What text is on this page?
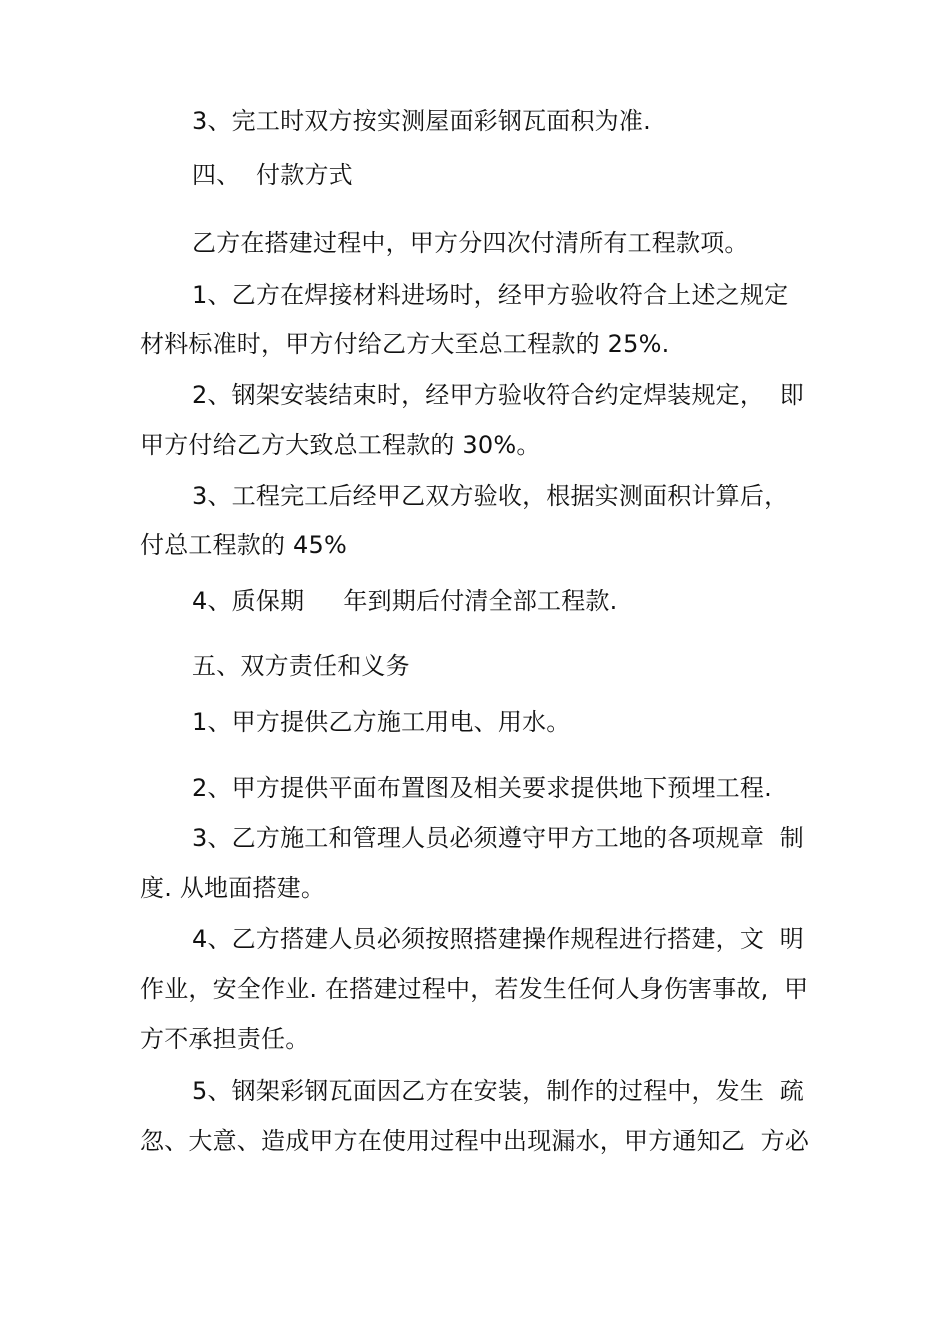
3、完工时双方按实测屋面彩钢瓦面积为准.
四、  付款方式
乙方在搭建过程中，甲方分四次付清所有工程款项。
1、乙方在焊接材料进场时，经甲方验收符合上述之规定
材料标准时，甲方付给乙方大至总工程款的 25%.
2、钢架安装结束时，经甲方验收符合约定焊装规定，  即
甲方付给乙方大致总工程款的 30%。
3、工程完工后经甲乙双方验收，根据实测面积计算后，
付总工程款的 45%
4、质保期     年到期后付清全部工程款.
五、双方责任和义务
1、甲方提供乙方施工用电、用水。
2、甲方提供平面布置图及相关要求提供地下预埋工程.
3、乙方施工和管理人员必须遵守甲方工地的各项规章  制
度. 从地面搭建。
4、乙方搭建人员必须按照搭建操作规程进行搭建，文  明
作业，安全作业. 在搭建过程中，若发生任何人身伤害事故,  甲
方不承担责任。
5、钢架彩钢瓦面因乙方在安装，制作的过程中，发生  疏
忽、大意、造成甲方在使用过程中出现漏水，甲方通知乙  方必
